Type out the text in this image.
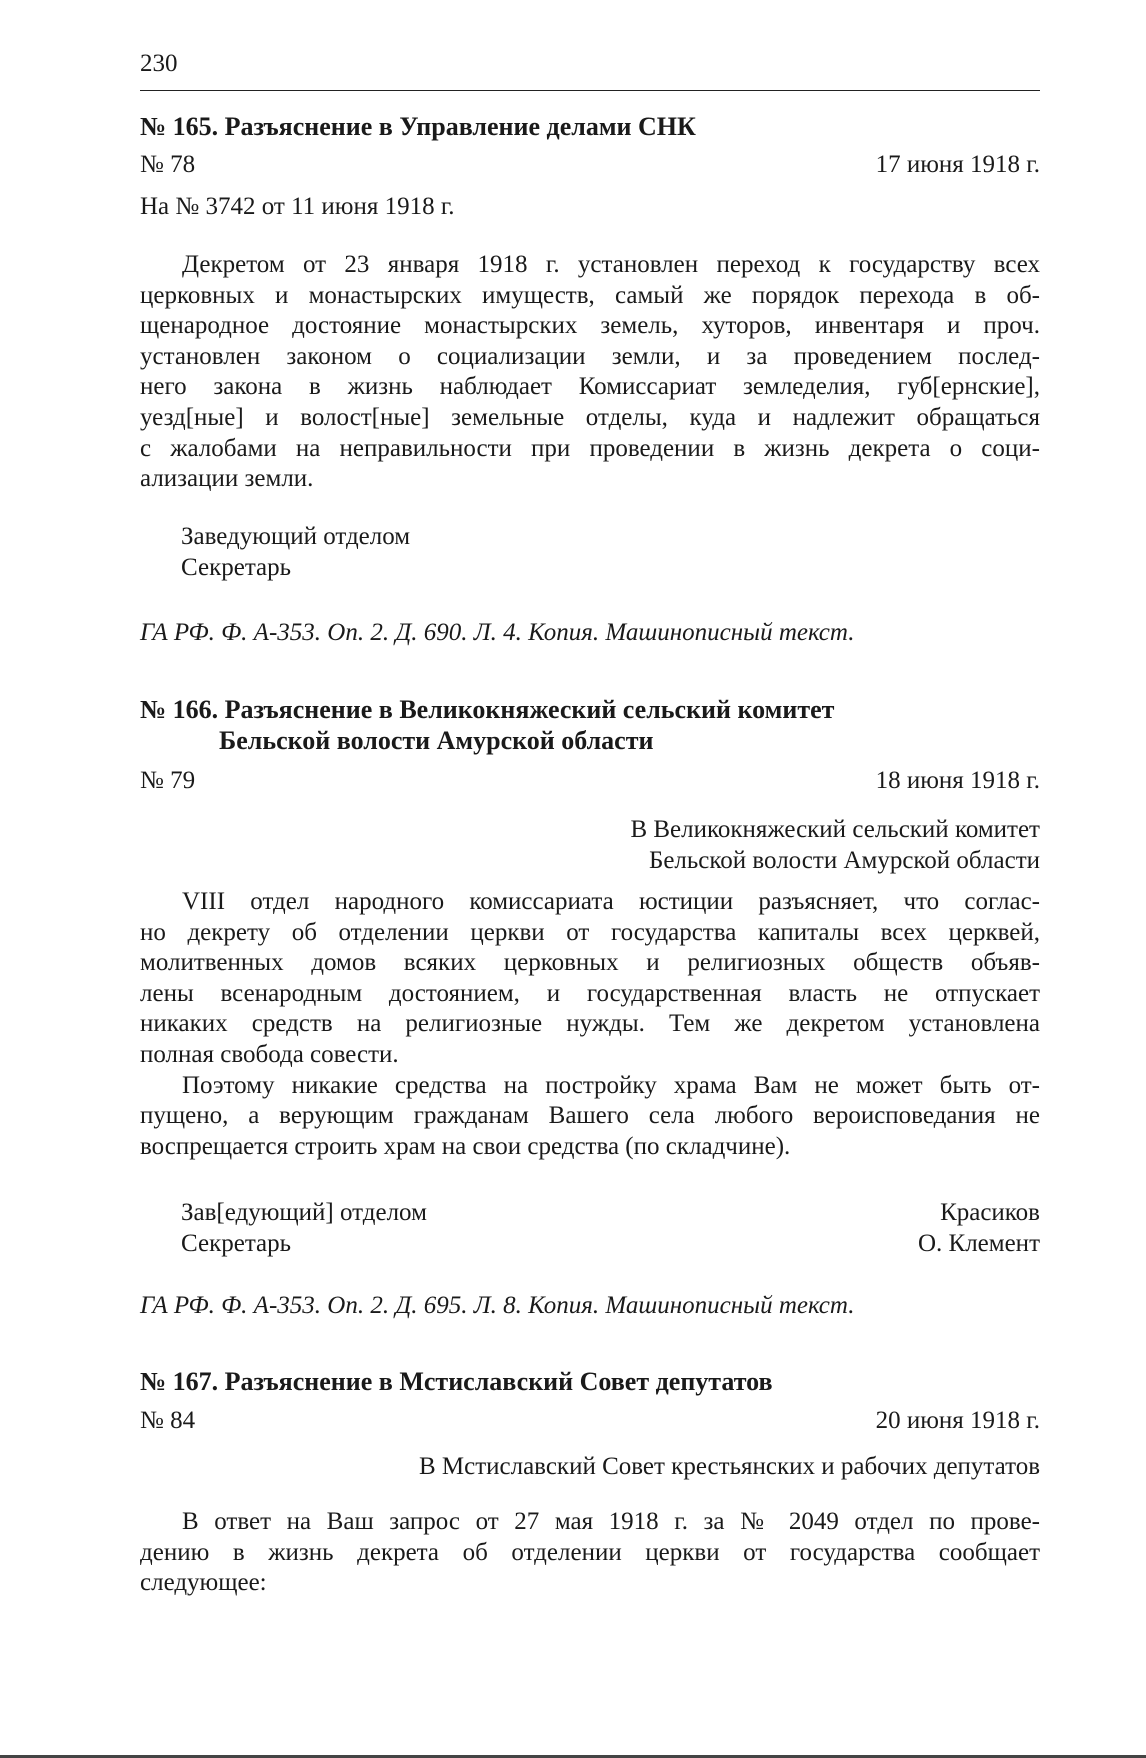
230
№ 165. Разъяснение в Управление делами СНК
№ 78	17 июня 1918 г.
На № 3742 от 11 июня 1918 г.
Декретом от 23 января 1918 г. установлен переход к государству всех
церковных и монастырских имуществ, самый же порядок перехода в об-
щенародное достояние монастырских земель, хуторов, инвентаря и проч.
установлен законом о социализации земли, и за проведением послед-
него закона в жизнь наблюдает Комиссариат земледелия, губ[ернские],
уезд[ные] и волост[ные] земельные отделы, куда и надлежит обращаться
с жалобами на неправильности при проведении в жизнь декрета о соци-
ализации земли.
Заведующий отделом
Секретарь
ГА РФ. Ф. А-353. Оп. 2. Д. 690. Л. 4. Копия. Машинописный текст.
№ 166. Разъяснение в Великокняжеский сельский комитет
Бельской волости Амурской области
№ 79	18 июня 1918 г.
В Великокняжеский сельский комитет
Бельской волости Амурской области
VIII отдел народного комиссариата юстиции разъясняет, что соглас-
но декрету об отделении церкви от государства капиталы всех церквей,
молитвенных домов всяких церковных и религиозных обществ объяв-
лены всенародным достоянием, и государственная власть не отпускает
никаких средств на религиозные нужды. Тем же декретом установлена
полная свобода совести.
Поэтому никакие средства на постройку храма Вам не может быть от-
пущено, а верующим гражданам Вашего села любого вероисповедания не
воспрещается строить храм на свои средства (по складчине).
Зав[едующий] отделом	Красиков
Секретарь	О. Клемент
ГА РФ. Ф. А-353. Оп. 2. Д. 695. Л. 8. Копия. Машинописный текст.
№ 167. Разъяснение в Мстиславский Совет депутатов
№ 84	20 июня 1918 г.
В Мстиславский Совет крестьянских и рабочих депутатов
В ответ на Ваш запрос от 27 мая 1918 г. за № 2049 отдел по прове-
дению в жизнь декрета об отделении церкви от государства сообщает
следующее:
